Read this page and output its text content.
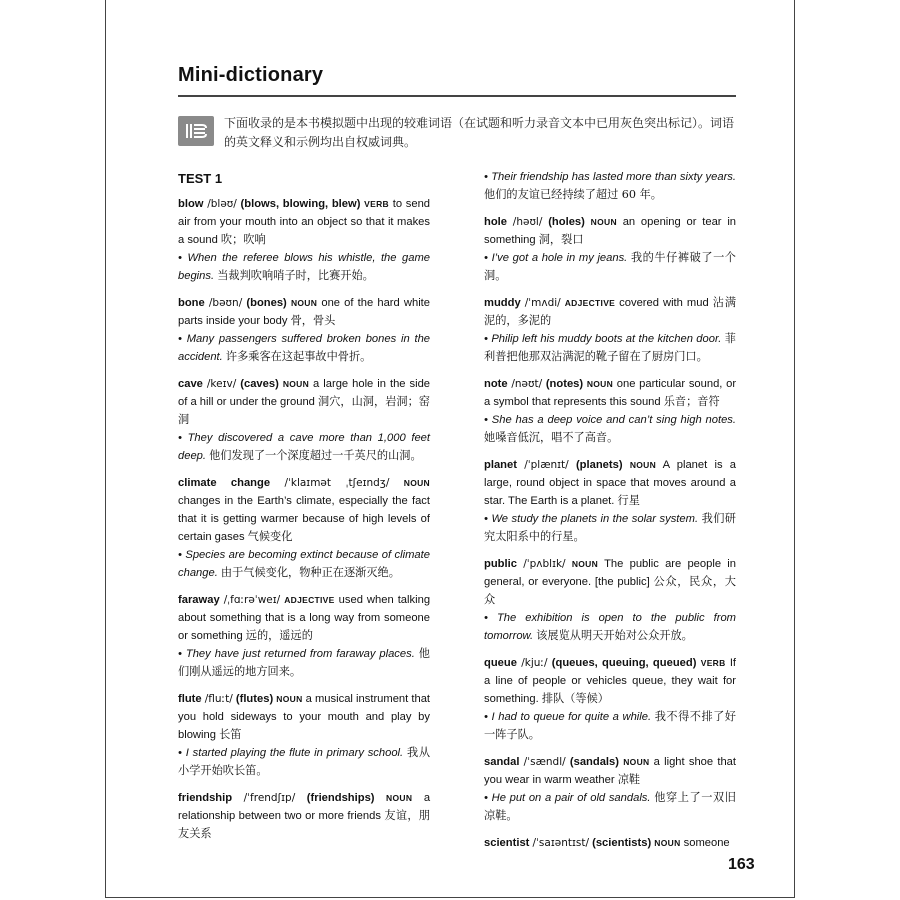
Mini-dictionary
下面收录的是本书模拟题中出现的较难词语（在试题和听力录音文本中已用灰色突出标记）。词语的英文释义和示例均出自权威词典。
TEST 1

blow /bləʊ/ (blows, blowing, blew) VERB to send air from your mouth into an object so that it makes a sound 吹；吹响

• When the referee blows his whistle, the game begins. 当裁判吹响哨子时，比赛开始。

bone /bəʊn/ (bones) NOUN one of the hard white parts inside your body 骨，骨头

• Many passengers suffered broken bones in the accident. 许多乘客在这起事故中骨折。

cave /keɪv/ (caves) NOUN a large hole in the side of a hill or under the ground 洞穴，山洞，岩洞；窑洞

• They discovered a cave more than 1,000 feet deep. 他们发现了一个深度超过一千英尺的山洞。

climate change /ˈklaɪmət ˌtʃeɪndʒ/ NOUN changes in the Earth’s climate, especially the fact that it is getting warmer because of high levels of certain gases 气候变化

• Species are becoming extinct because of climate change. 由于气候变化，物种正在逐渐灭绝。

faraway /ˌfɑːrəˈweɪ/ ADJECTIVE used when talking about something that is a long way from someone or something 远的，遥远的

• They have just returned from faraway places. 他们刚从遥远的地方回来。

flute /fluːt/ (flutes) NOUN a musical instrument that you hold sideways to your mouth and play by blowing 长笛

• I started playing the flute in primary school. 我从小学开始吹长笛。

friendship /ˈfrendʃɪp/ (friendships) NOUN a relationship between two or more friends 友谊，朋友关系

• Their friendship has lasted more than sixty years. 他们的友谊已经持续了超过 60 年。

hole /həʊl/ (holes) NOUN an opening or tear in something 洞，裂口

• I’ve got a hole in my jeans. 我的牛仔裤破了一个洞。

muddy /ˈmʌdi/ ADJECTIVE covered with mud 沾满泥的，多泥的

• Philip left his muddy boots at the kitchen door. 菲利普把他那双沾满泥的靴子留在了厨房门口。

note /nəʊt/ (notes) NOUN one particular sound, or a symbol that represents this sound 乐音；音符

• She has a deep voice and can’t sing high notes. 她嗓音低沉，唱不了高音。

planet /ˈplænɪt/ (planets) NOUN A planet is a large, round object in space that moves around a star. The Earth is a planet. 行星

• We study the planets in the solar system. 我们研究太阳系中的行星。

public /ˈpʌblɪk/ NOUN The public are people in general, or everyone. [the public] 公众，民众，大众

• The exhibition is open to the public from tomorrow. 该展览从明天开始对公众开放。

queue /kjuː/ (queues, queuing, queued) VERB If a line of people or vehicles queue, they wait for something. 排队（等候）

• I had to queue for quite a while. 我不得不排了好一阵子队。

sandal /ˈsændl/ (sandals) NOUN a light shoe that you wear in warm weather 凉鞋

• He put on a pair of old sandals. 他穿上了一双旧凉鞋。

scientist /ˈsaɪəntɪst/ (scientists) NOUN someone

163
